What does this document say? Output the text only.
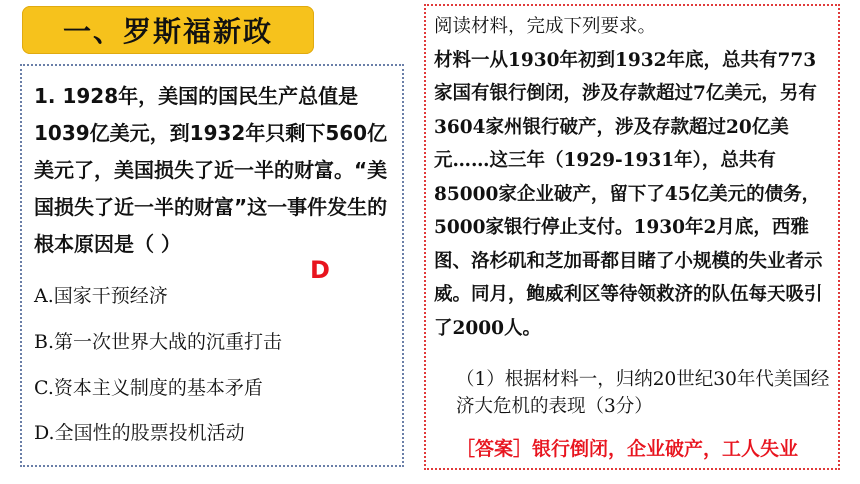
一、罗斯福新政
1. 1928年，美国的国民生产总值是1039亿美元，到1932年只剩下560亿美元了，美国损失了近一半的财富。“美国损失了近一半的财富”这一事件发生的根本原因是（ ）
A.国家干预经济
B.第一次世界大战的沉重打击
C.资本主义制度的基本矛盾
D.全国性的股票投机活动
D
阅读材料，完成下列要求。
材料一从1930年初到1932年底，总共有773家国有银行倒闭，涉及存款超过7亿美元，另有3604家州银行破产，涉及存款超过20亿美元……这三年（1929-1931年），总共有85000家企业破产，留下了45亿美元的债务，5000家银行停止支付。1930年2月底，西雅图、洛杉矶和芝加哥都目睹了小规模的失业者示威。同月，鲍威利区等待领救济的队伍每天吸引了2000人。
（1）根据材料一，归纳20世纪30年代美国经济大危机的表现（3分）
［答案］银行倒闭，企业破产，工人失业
